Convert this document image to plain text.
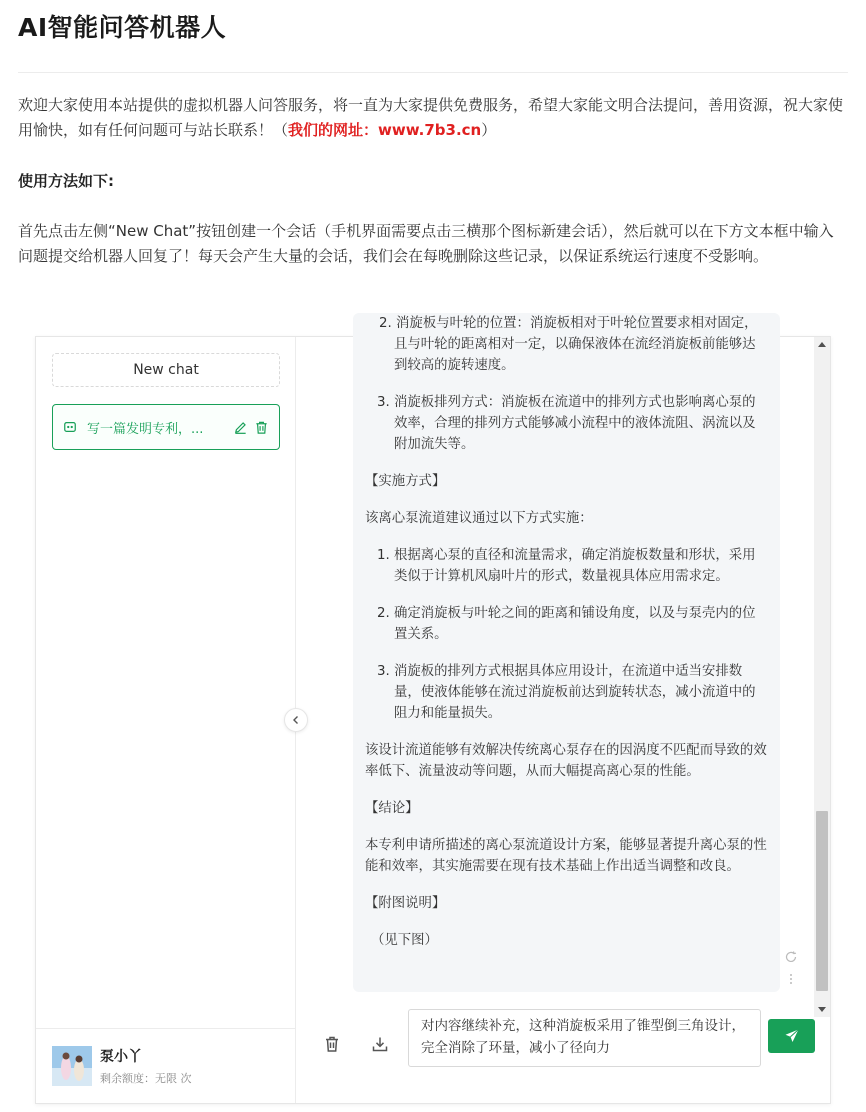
AI智能问答机器人
欢迎大家使用本站提供的虚拟机器人问答服务，将一直为大家提供免费服务，希望大家能文明合法提问，善用资源，祝大家使用愉快，如有任何问题可与站长联系！（我们的网址：www.7b3.cn）
使用方法如下:
首先点击左侧“New Chat”按钮创建一个会话（手机界面需要点击三横那个图标新建会话），然后就可以在下方文本框中输入问题提交给机器人回复了！每天会产生大量的会话，我们会在每晚删除这些记录，以保证系统运行速度不受影响。
New chat
写一篇发明专利，...
泵小丫
剩余额度：无限 次
2. 消旋板与叶轮的位置：消旋板相对于叶轮位置要求相对固定，且与叶轮的距离相对一定，以确保液体在流经消旋板前能够达到较高的旋转速度。
3. 消旋板排列方式：消旋板在流道中的排列方式也影响离心泵的效率，合理的排列方式能够减小流程中的液体流阻、涡流以及附加流失等。

【实施方式】

该离心泵流道建议通过以下方式实施：

1. 根据离心泵的直径和流量需求，确定消旋板数量和形状，采用类似于计算机风扇叶片的形式，数量视具体应用需求定。
2. 确定消旋板与叶轮之间的距离和铺设角度，以及与泵壳内的位置关系。
3. 消旋板的排列方式根据具体应用设计，在流道中适当安排数量，使液体能够在流过消旋板前达到旋转状态，减小流道中的阻力和能量损失。

该设计流道能够有效解决传统离心泵存在的因涡度不匹配而导致的效率低下、流量波动等问题，从而大幅提高离心泵的性能。

【结论】

本专利申请所描述的离心泵流道设计方案，能够显著提升离心泵的性能和效率，其实施需要在现有技术基础上作出适当调整和改良。

【附图说明】

（见下图）

对内容继续补充，这种消旋板采用了锥型倒三角设计，完全消除了环量，减小了径向力
